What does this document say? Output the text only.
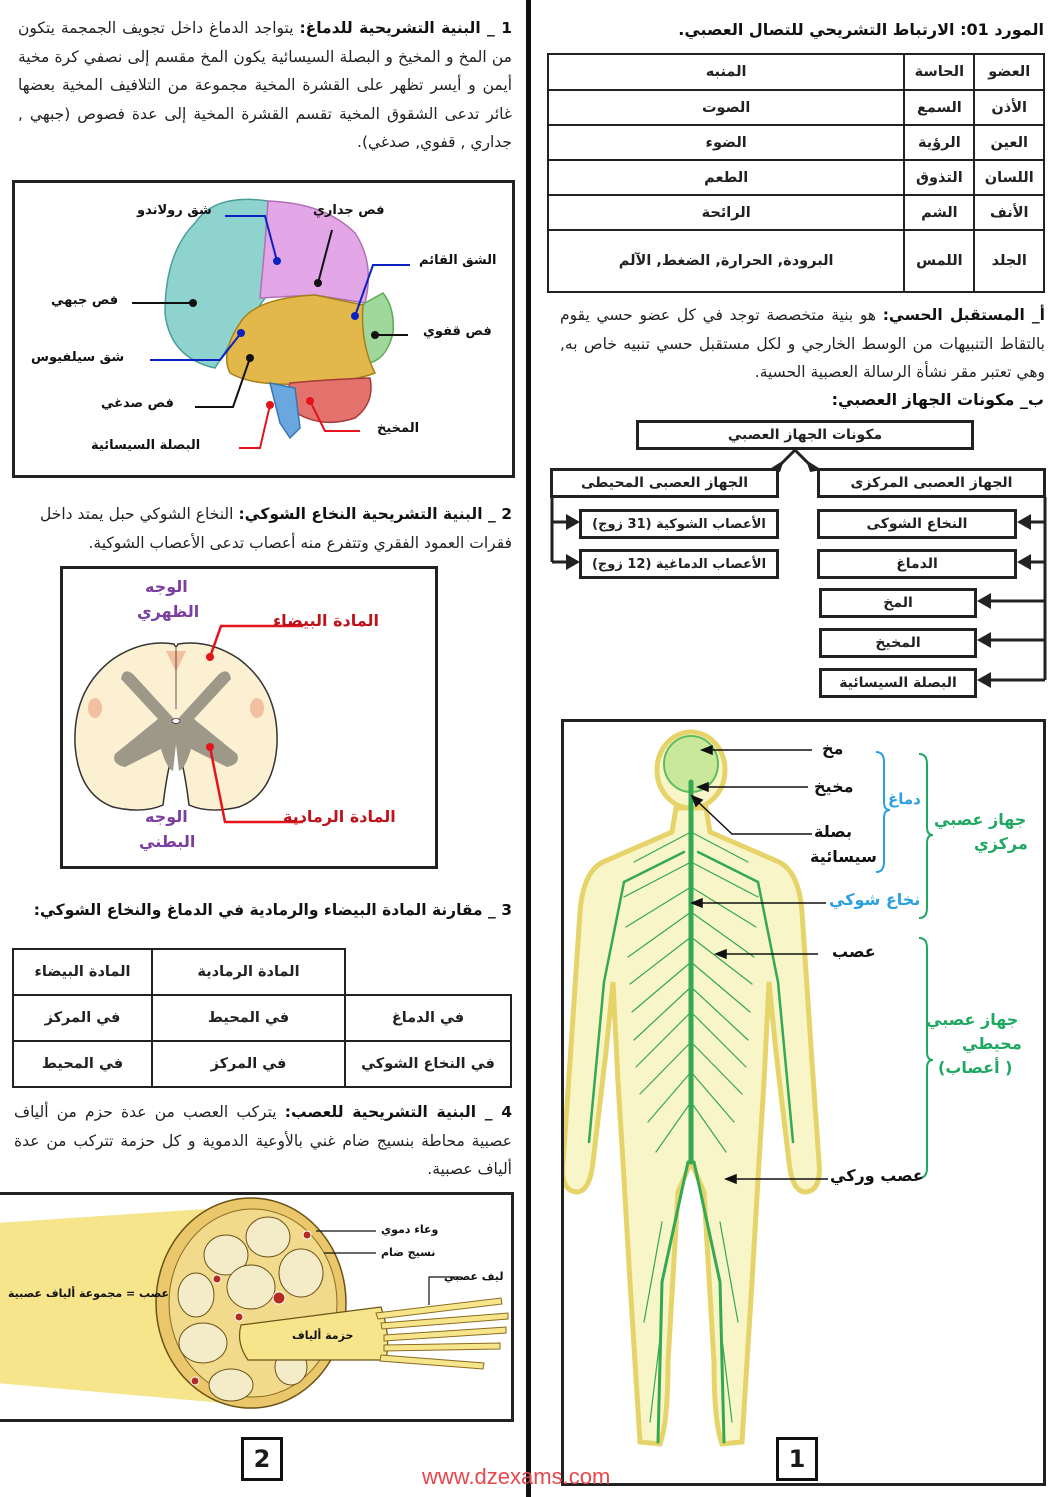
المورد 01: الارتباط التشريحي للتصال العصبي.
العضو	الحاسة	المنبه
الأذن	السمع	الصوت
العين	الرؤية	الضوء
اللسان	التذوق	الطعم
الأنف	الشم	الرائحة
الجلد	اللمس	البرودة, الحرارة, الضغط, الآلم
أ_ المستقبل الحسي: هو بنية متخصصة توجد في كل عضو حسي يقوم بالتقاط التنبيهات من الوسط الخارجي و لكل مستقبل حسي تنبيه خاص به, وهي تعتبر مقر نشأة الرسالة العصبية الحسية.
ب_ مكونات الجهاز العصبي:
مكونات الجهاز العصبي
الجهاز العصبى المركزى
الجهاز العصبى المحيطى
النخاع الشوكى
الدماغ
المخ
المخيخ
البصلة السيسائية
الأعصاب الشوكية (31 زوج)
الأعصاب الدماغية (12 زوج)
مخ
مخيخ
بصلة
سيسائية
دماغ
نخاع شوكي
جهاز عصبي
مركزي
عصب
جهاز عصبي
محيطي
( أعصاب)
عصب وركي
1
1 _ البنية التشريحية للدماغ: يتواجد الدماغ داخل تجويف الجمجمة يتكون من المخ و المخيخ و البصلة السيسائية يكون المخ مقسم إلى نصفي كرة مخية أيمن و أيسر تظهر على القشرة المخية مجموعة من التلافيف المخية بعضها غائر تدعى الشقوق المخية تقسم القشرة المخية إلى عدة فصوص (جبهي , جداري , قفوي, صدغي).
شق رولاندو	فص جداري
الشق القائم
فص جبهي
فص قفوي
شق سيلفيوس
فص صدغي
المخيخ
البصلة السيسائية
2 _ البنية التشريحية النخاع الشوكي: النخاع الشوكي حبل يمتد داخل فقرات العمود الفقري وتتفرع منه أعصاب تدعى الأعصاب الشوكية.
الوجه
الظهري	المادة البيضاء
المادة الرمادية
الوجه
البطني
3 _ مقارنة المادة البيضاء والرمادية في الدماغ والنخاع الشوكي:
	المادة الرمادية	المادة البيضاء
في الدماغ	في المحيط	في المركز
في النخاع الشوكي	في المركز	في المحيط
4 _ البنية التشريحية للعصب: يتركب العصب من عدة حزم من ألياف عصبية محاطة بنسيج ضام غني بالأوعية الدموية و كل حزمة تتركب من عدة ألياف عصبية.
عصب = مجموعة ألياف عصبية
وعاء دموي
نسيج ضام
ليف عصبي
حزمة ألياف
2
www.dzexams.com
